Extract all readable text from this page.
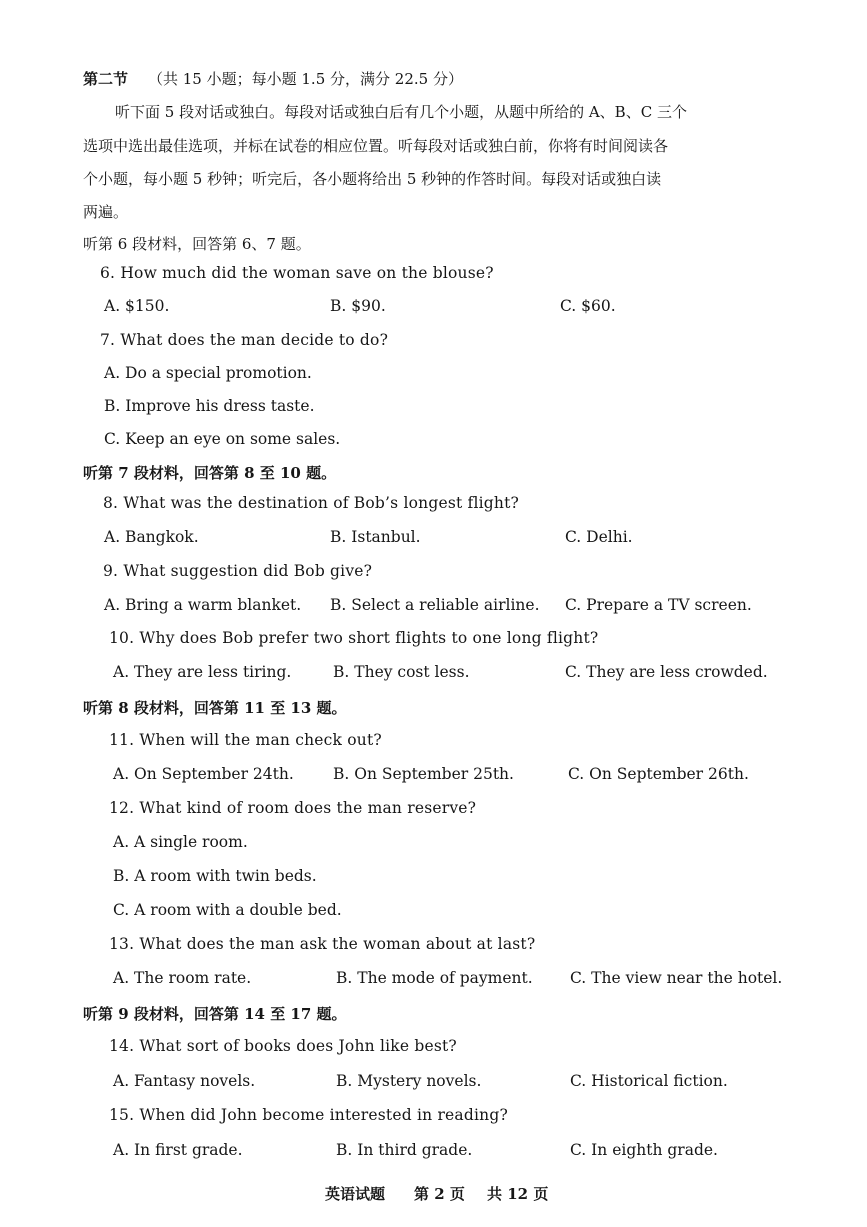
第二节 （共 15 小题；每小题 1.5 分，满分 22.5 分）
听下面 5 段对话或独白。每段对话或独白后有几个小题，从题中所给的 A、B、C 三个
选项中选出最佳选项，并标在试卷的相应位置。听每段对话或独白前，你将有时间阅读各
个小题，每小题 5 秒钟；听完后，各小题将给出 5 秒钟的作答时间。每段对话或独白读
两遍。
听第 6 段材料，回答第 6、7 题。
6. How much did the woman save on the blouse?
A. $150.	B. $90.	C. $60.
7. What does the man decide to do?
A. Do a special promotion.
B. Improve his dress taste.
C. Keep an eye on some sales.
听第 7 段材料，回答第 8 至 10 题。
8. What was the destination of Bob’s longest flight?
A. Bangkok.	B. Istanbul.	C. Delhi.
9. What suggestion did Bob give?
A. Bring a warm blanket. B. Select a reliable airline. C. Prepare a TV screen.
10. Why does Bob prefer two short flights to one long flight?
A. They are less tiring.	B. They cost less.	C. They are less crowded.
听第 8 段材料，回答第 11 至 13 题。
11. When will the man check out?
A. On September 24th.	B. On September 25th.	C. On September 26th.
12. What kind of room does the man reserve?
A. A single room.
B. A room with twin beds.
C. A room with a double bed.
13. What does the man ask the woman about at last?
A. The room rate.	B. The mode of payment. C. The view near the hotel.
听第 9 段材料，回答第 14 至 17 题。
14. What sort of books does John like best?
A. Fantasy novels.	B. Mystery novels.	C. Historical fiction.
15. When did John become interested in reading?
A. In first grade.	B. In third grade.	C. In eighth grade.
英语试题 第 2 页 共 12 页
